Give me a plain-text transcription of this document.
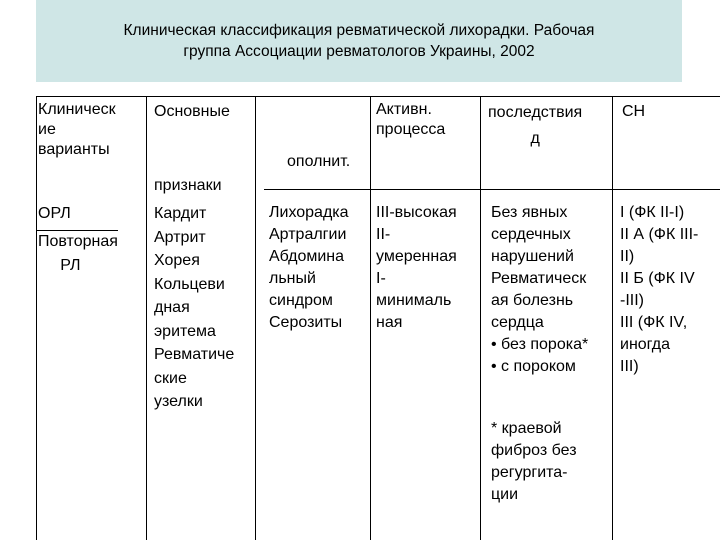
Клиническая классификация ревматической лихорадки. Рабочая
группа Ассоциации ревматологов Украины, 2002
Клиническ
ие
варианты
Основные
признаки
ополнит.
Активн.
процесса
последствия
д
СН
ОРЛ
Повторная
РЛ
Кардит
Артрит
Хорея
Кольцеви
дная
эритема
Ревматиче
ские
узелки
Лихорадка
Артралгии
Абдомина
льный
синдром
Серозиты
III-высокая
II-
умеренная
I-
минималь
ная
Без явных
сердечных
нарушений
Ревматическ
ая болезнь
сердца
• без порока*
• с пороком
* краевой
фиброз без
регургита-
ции
I (ФК II-I)
II А (ФК III-
II)
II Б (ФК IV
-III)
III (ФК IV,
иногда
III)
